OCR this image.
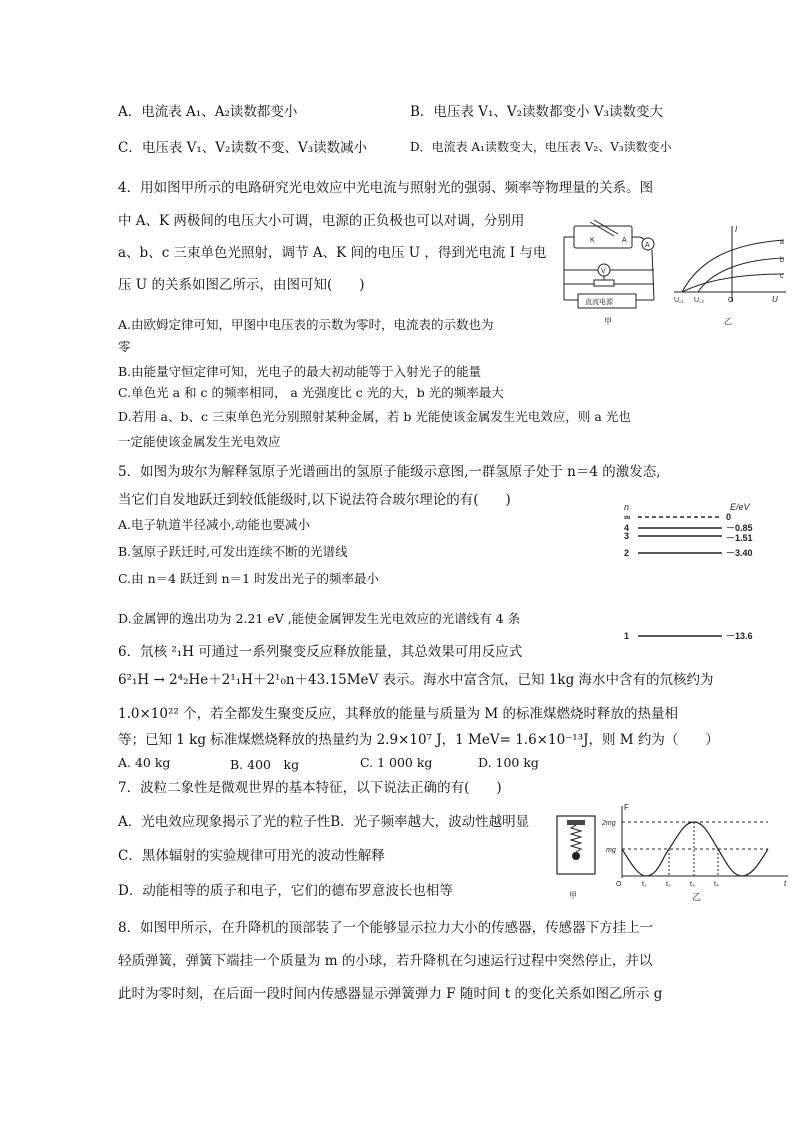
A．电流表 A₁、A₂读数都变小	B．电压表 V₁、V₂读数都变小 V₃读数变大
C．电压表 V₁、V₂读数不变、V₃读数减小	D．电流表 A₁读数变大，电压表 V₂、V₃读数变小
4．用如图甲所示的电路研究光电效应中光电流与照射光的强弱、频率等物理量的关系。图
中 A、K 两极间的电压大小可调，电源的正负极也可以对调，分别用
a、b、c 三束单色光照射，调节 A、K 间的电压 U ，得到光电流 I 与电
压 U 的关系如图乙所示，由图可知(　　)
A.由欧姆定律可知，甲图中电压表的示数为零时，电流表的示数也为
零
B.由能量守恒定律可知，光电子的最大初动能等于入射光子的能量
C.单色光 a 和 c 的频率相同， a 光强度比 c 光的大，b 光的频率最大
D.若用 a、b、c 三束单色光分别照射某种金属，若 b 光能使该金属发生光电效应，则 a 光也
一定能使该金属发生光电效应
K	A
A
V
直流电源
甲
a
b
c
I
U
O
U꜀₁ U꜀₂
乙
5．如图为玻尔为解释氢原子光谱画出的氢原子能级示意图,一群氢原子处于 n＝4 的激发态,
当它们自发地跃迁到较低能级时,以下说法符合玻尔理论的有(　　)
A.电子轨道半径减小,动能也要减小
B.氢原子跃迁时,可发出连续不断的光谱线
C.由 n＝4 跃迁到 n＝1 时发出光子的频率最小
D.金属钾的逸出功为 2.21 eV ,能使金属钾发生光电效应的光谱线有 4 条
n	E/eV
∞	0
4	－0.85
3	－1.51
2	－3.40
1	－13.6
6．氘核 ²₁H 可通过一系列聚变反应释放能量，其总效果可用反应式
6²₁H → 2⁴₂He＋2¹₁H＋2¹₀n＋43.15MeV 表示。海水中富含氘，已知 1kg 海水中含有的氘核约为
1.0×10²² 个，若全都发生聚变反应，其释放的能量与质量为 M 的标准煤燃烧时释放的热量相
等；已知 1 kg 标准煤燃烧释放的热量约为 2.9×10⁷ J，1 MeV= 1.6×10⁻¹³J，则 M 约为（　　）
A. 40 kg	B. 400　kg	C. 1 000 kg	D. 100 kg
7．波粒二象性是微观世界的基本特征，以下说法正确的有(　　)
A．光电效应现象揭示了光的粒子性B．光子频率越大，波动性越明显
C．黑体辐射的实验规律可用光的波动性解释
D．动能相等的质子和电子，它们的德布罗意波长也相等	甲
F
t
O
2mg
mg
t₁	t₂	t₃	t₄
乙
8．如图甲所示，在升降机的顶部装了一个能够显示拉力大小的传感器，传感器下方挂上一
轻质弹簧，弹簧下端挂一个质量为 m 的小球，若升降机在匀速运行过程中突然停止，并以
此时为零时刻，在后面一段时间内传感器显示弹簧弹力 F 随时间 t 的变化关系如图乙所示 g
